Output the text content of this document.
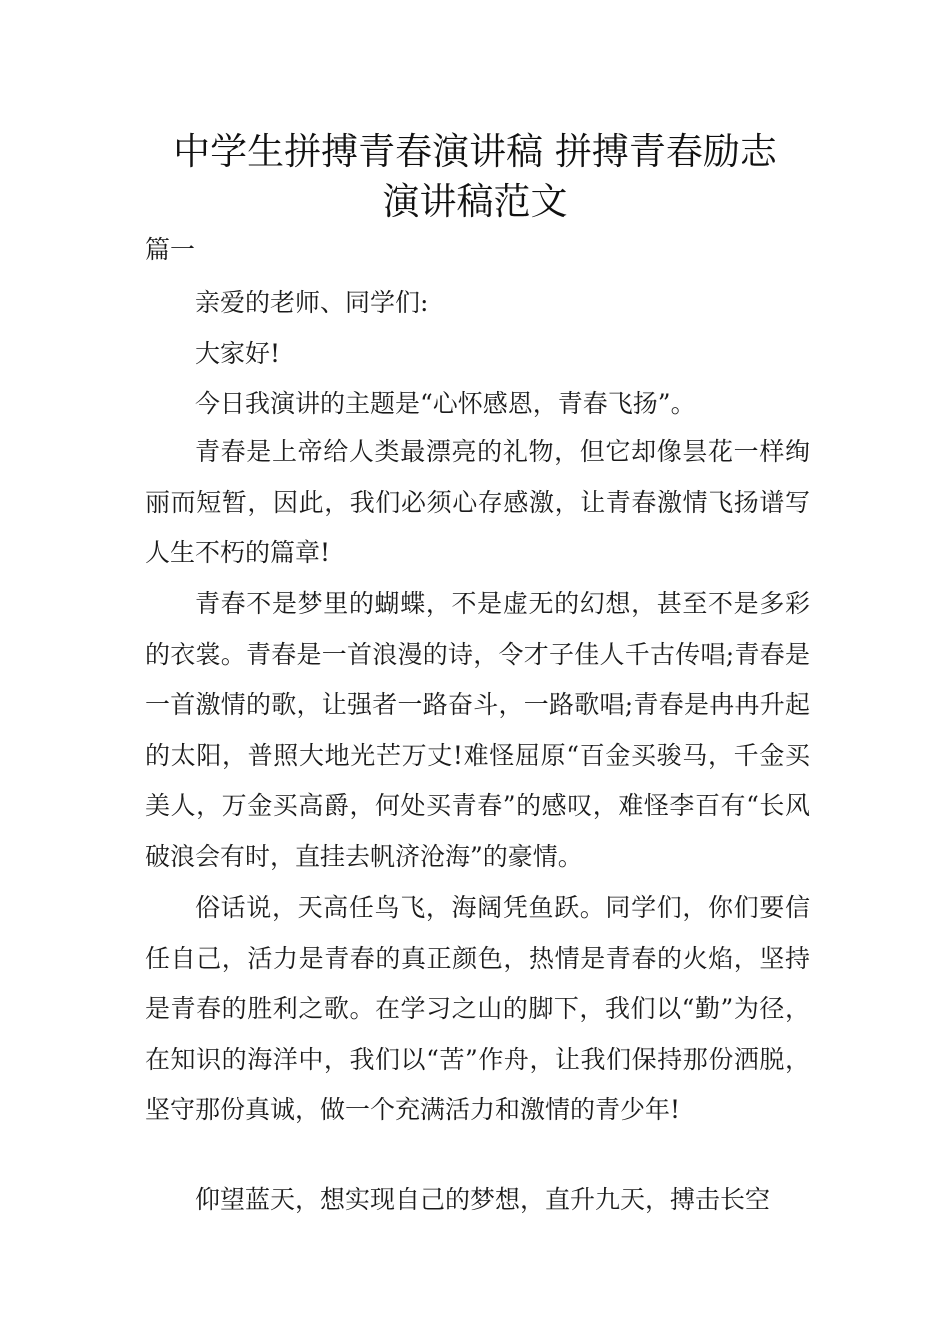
中学生拼搏青春演讲稿 拼搏青春励志
演讲稿范文

篇一

亲爱的老师、同学们:

大家好!

今日我演讲的主题是“心怀感恩，青春飞扬”。

青春是上帝给人类最漂亮的礼物，但它却像昙花一样绚丽而短暂，因此，我们必须心存感激，让青春激情飞扬谱写人生不朽的篇章!

青春不是梦里的蝴蝶，不是虚无的幻想，甚至不是多彩的衣裳。青春是一首浪漫的诗，令才子佳人千古传唱;青春是一首激情的歌，让强者一路奋斗，一路歌唱;青春是冉冉升起的太阳，普照大地光芒万丈!难怪屈原“百金买骏马，千金买美人，万金买高爵，何处买青春”的感叹，难怪李百有“长风破浪会有时，直挂去帆济沧海”的豪情。

俗话说，天高任鸟飞，海阔凭鱼跃。同学们，你们要信任自己，活力是青春的真正颜色，热情是青春的火焰，坚持是青春的胜利之歌。在学习之山的脚下，我们以“勤”为径，在知识的海洋中，我们以“苦”作舟，让我们保持那份洒脱，坚守那份真诚，做一个充满活力和激情的青少年!

仰望蓝天，想实现自己的梦想，直升九天，搏击长空
